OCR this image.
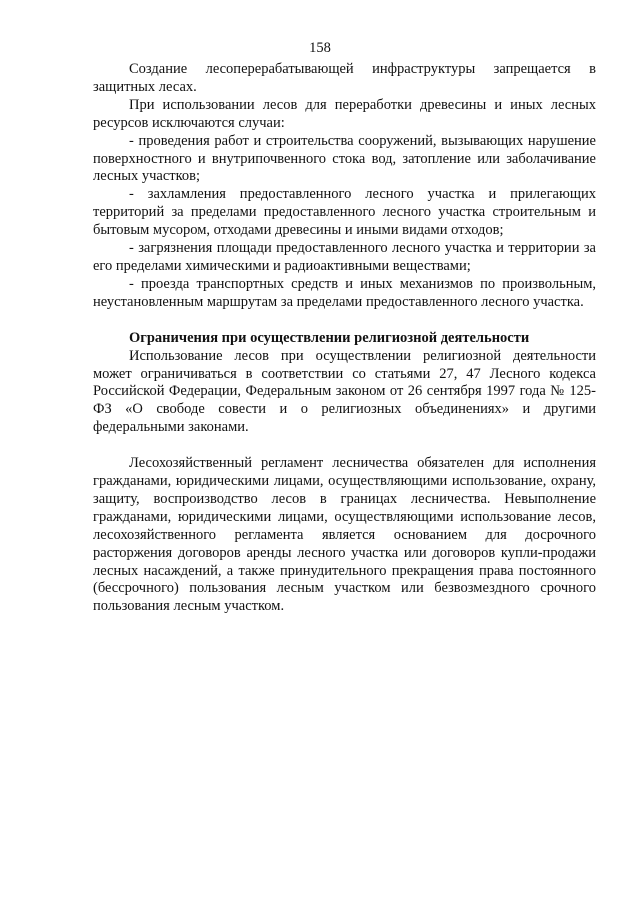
158

Создание лесоперерабатывающей инфраструктуры запрещается в защитных лесах.

При использовании лесов для переработки древесины и иных лесных ресурсов исключаются случаи:

- проведения работ и строительства сооружений, вызывающих нарушение поверхностного и внутрипочвенного стока вод, затопление или заболачивание лесных участков;

- захламления предоставленного лесного участка и прилегающих территорий за пределами предоставленного лесного участка строительным и бытовым мусором, отходами древесины и иными видами отходов;

- загрязнения площади предоставленного лесного участка и территории за его пределами химическими и радиоактивными веществами;

- проезда транспортных средств и иных механизмов по произвольным, неустановленным маршрутам за пределами предоставленного лесного участка.

Ограничения при осуществлении религиозной деятельности

Использование лесов при осуществлении религиозной деятельности может ограничиваться в соответствии со статьями 27, 47 Лесного кодекса Российской Федерации, Федеральным законом от 26 сентября 1997 года № 125-ФЗ «О свободе совести и о религиозных объединениях» и другими федеральными законами.

Лесохозяйственный регламент лесничества обязателен для исполнения гражданами, юридическими лицами, осуществляющими использование, охрану, защиту, воспроизводство лесов в границах лесничества. Невыполнение гражданами, юридическими лицами, осуществляющими использование лесов, лесохозяйственного регламента является основанием для досрочного расторжения договоров аренды лесного участка или договоров купли-продажи лесных насаждений, а также принудительного прекращения права постоянного (бессрочного) пользования лесным участком или безвозмездного срочного пользования лесным участком.
